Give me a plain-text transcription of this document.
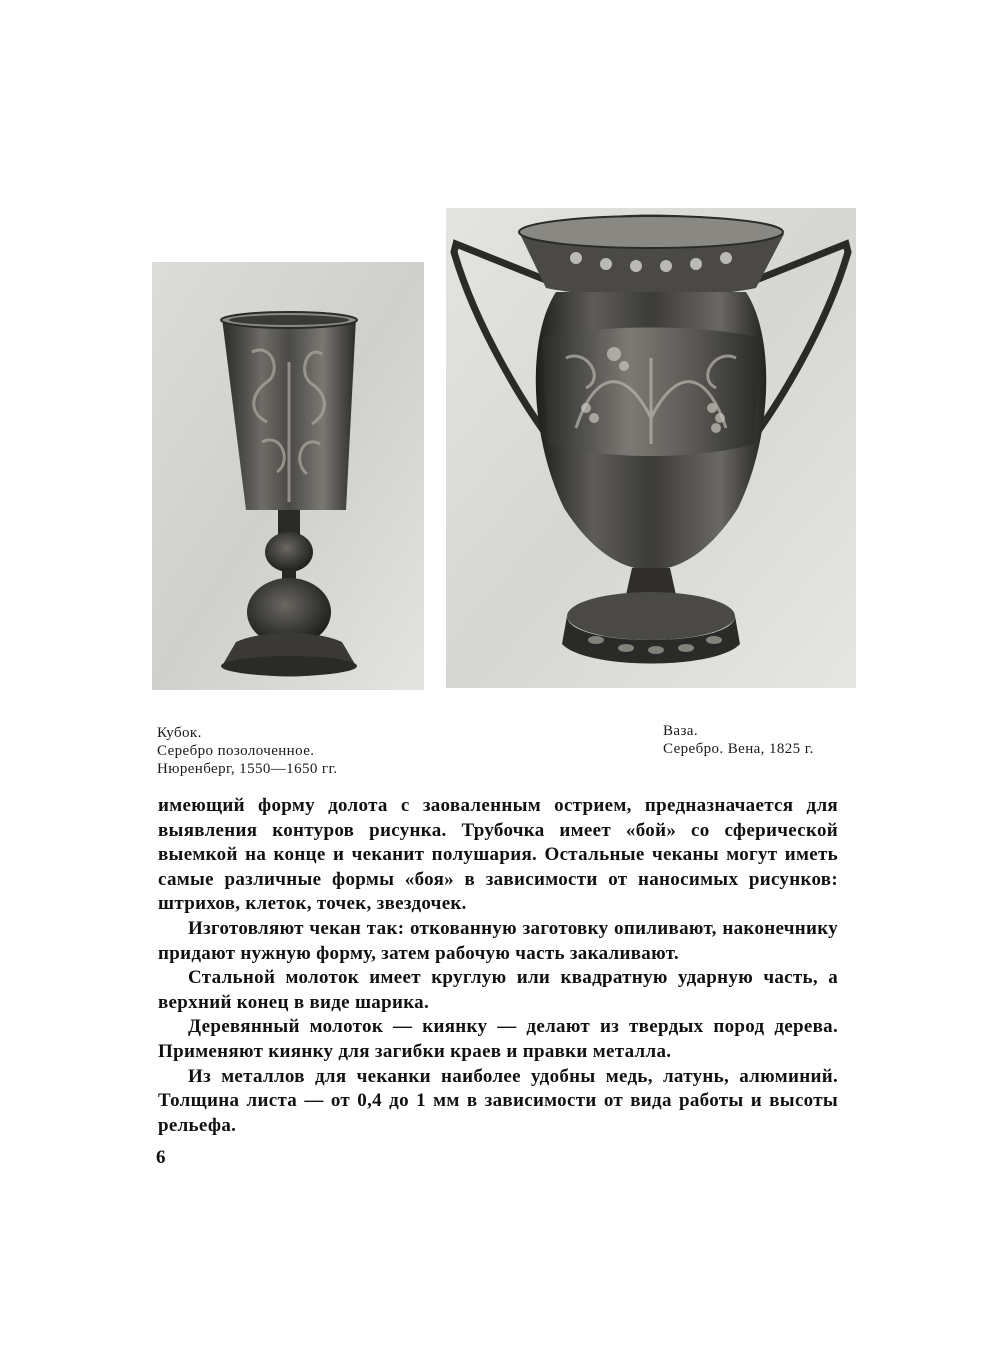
Кубок.
Серебро позолоченное.
Нюренберг, 1550—1650 гг.
Ваза.
Серебро. Вена, 1825 г.

имеющий форму долота с заоваленным острием, предназначается для выявления контуров рисунка. Трубочка имеет «бой» со сферической выемкой на конце и чеканит полушария. Остальные чеканы могут иметь самые различные формы «боя» в зависимости от наносимых рисунков: штрихов, клеток, точек, звездочек.

Изготовляют чекан так: откованную заготовку опиливают, наконечнику придают нужную форму, затем рабочую часть закаливают.

Стальной молоток имеет круглую или квадратную ударную часть, а верхний конец в виде шарика.

Деревянный молоток — киянку — делают из твердых пород дерева. Применяют киянку для загибки краев и правки металла.

Из металлов для чеканки наиболее удобны медь, латунь, алюминий. Толщина листа — от 0,4 до 1 мм в зависимости от вида работы и высоты рельефа.

6
